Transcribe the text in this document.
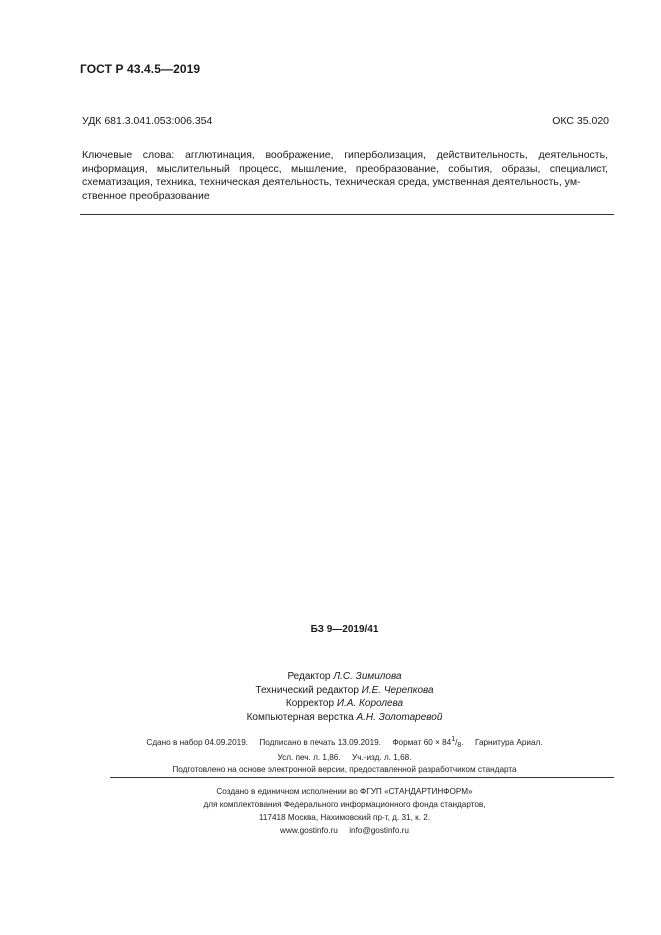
ГОСТ Р 43.4.5—2019
УДК 681.3.041.053:006.354	ОКС 35.020
Ключевые слова: агглютинация, воображение, гиперболизация, действительность, деятельность, информация, мыслительный процесс, мышление, преобразование, события, образы, специалист, схематизация, техника, техническая деятельность, техническая среда, умственная деятельность, ум-
ственное преобразование
БЗ 9—2019/41
Редактор Л.С. Зимилова
Технический редактор И.Е. Черепкова
Корректор И.А. Королева
Компьютерная верстка А.Н. Золотаревой
Сдано в набор 04.09.2019.     Подписано в печать 13.09.2019.     Формат $60 \times 84^1/_8$.     Гарнитура Ариал.
Усл. печ. л. 1,86.     Уч.-изд. л. 1,68.
Подготовлено на основе электронной версии, предоставленной разработчиком стандарта
Создано в единичном исполнении во ФГУП «СТАНДАРТИНФОРМ»
для комплектования Федерального информационного фонда стандартов,
117418 Москва, Нахимовский пр-т, д. 31, к. 2.
www.gostinfo.ru     info@gostinfo.ru
